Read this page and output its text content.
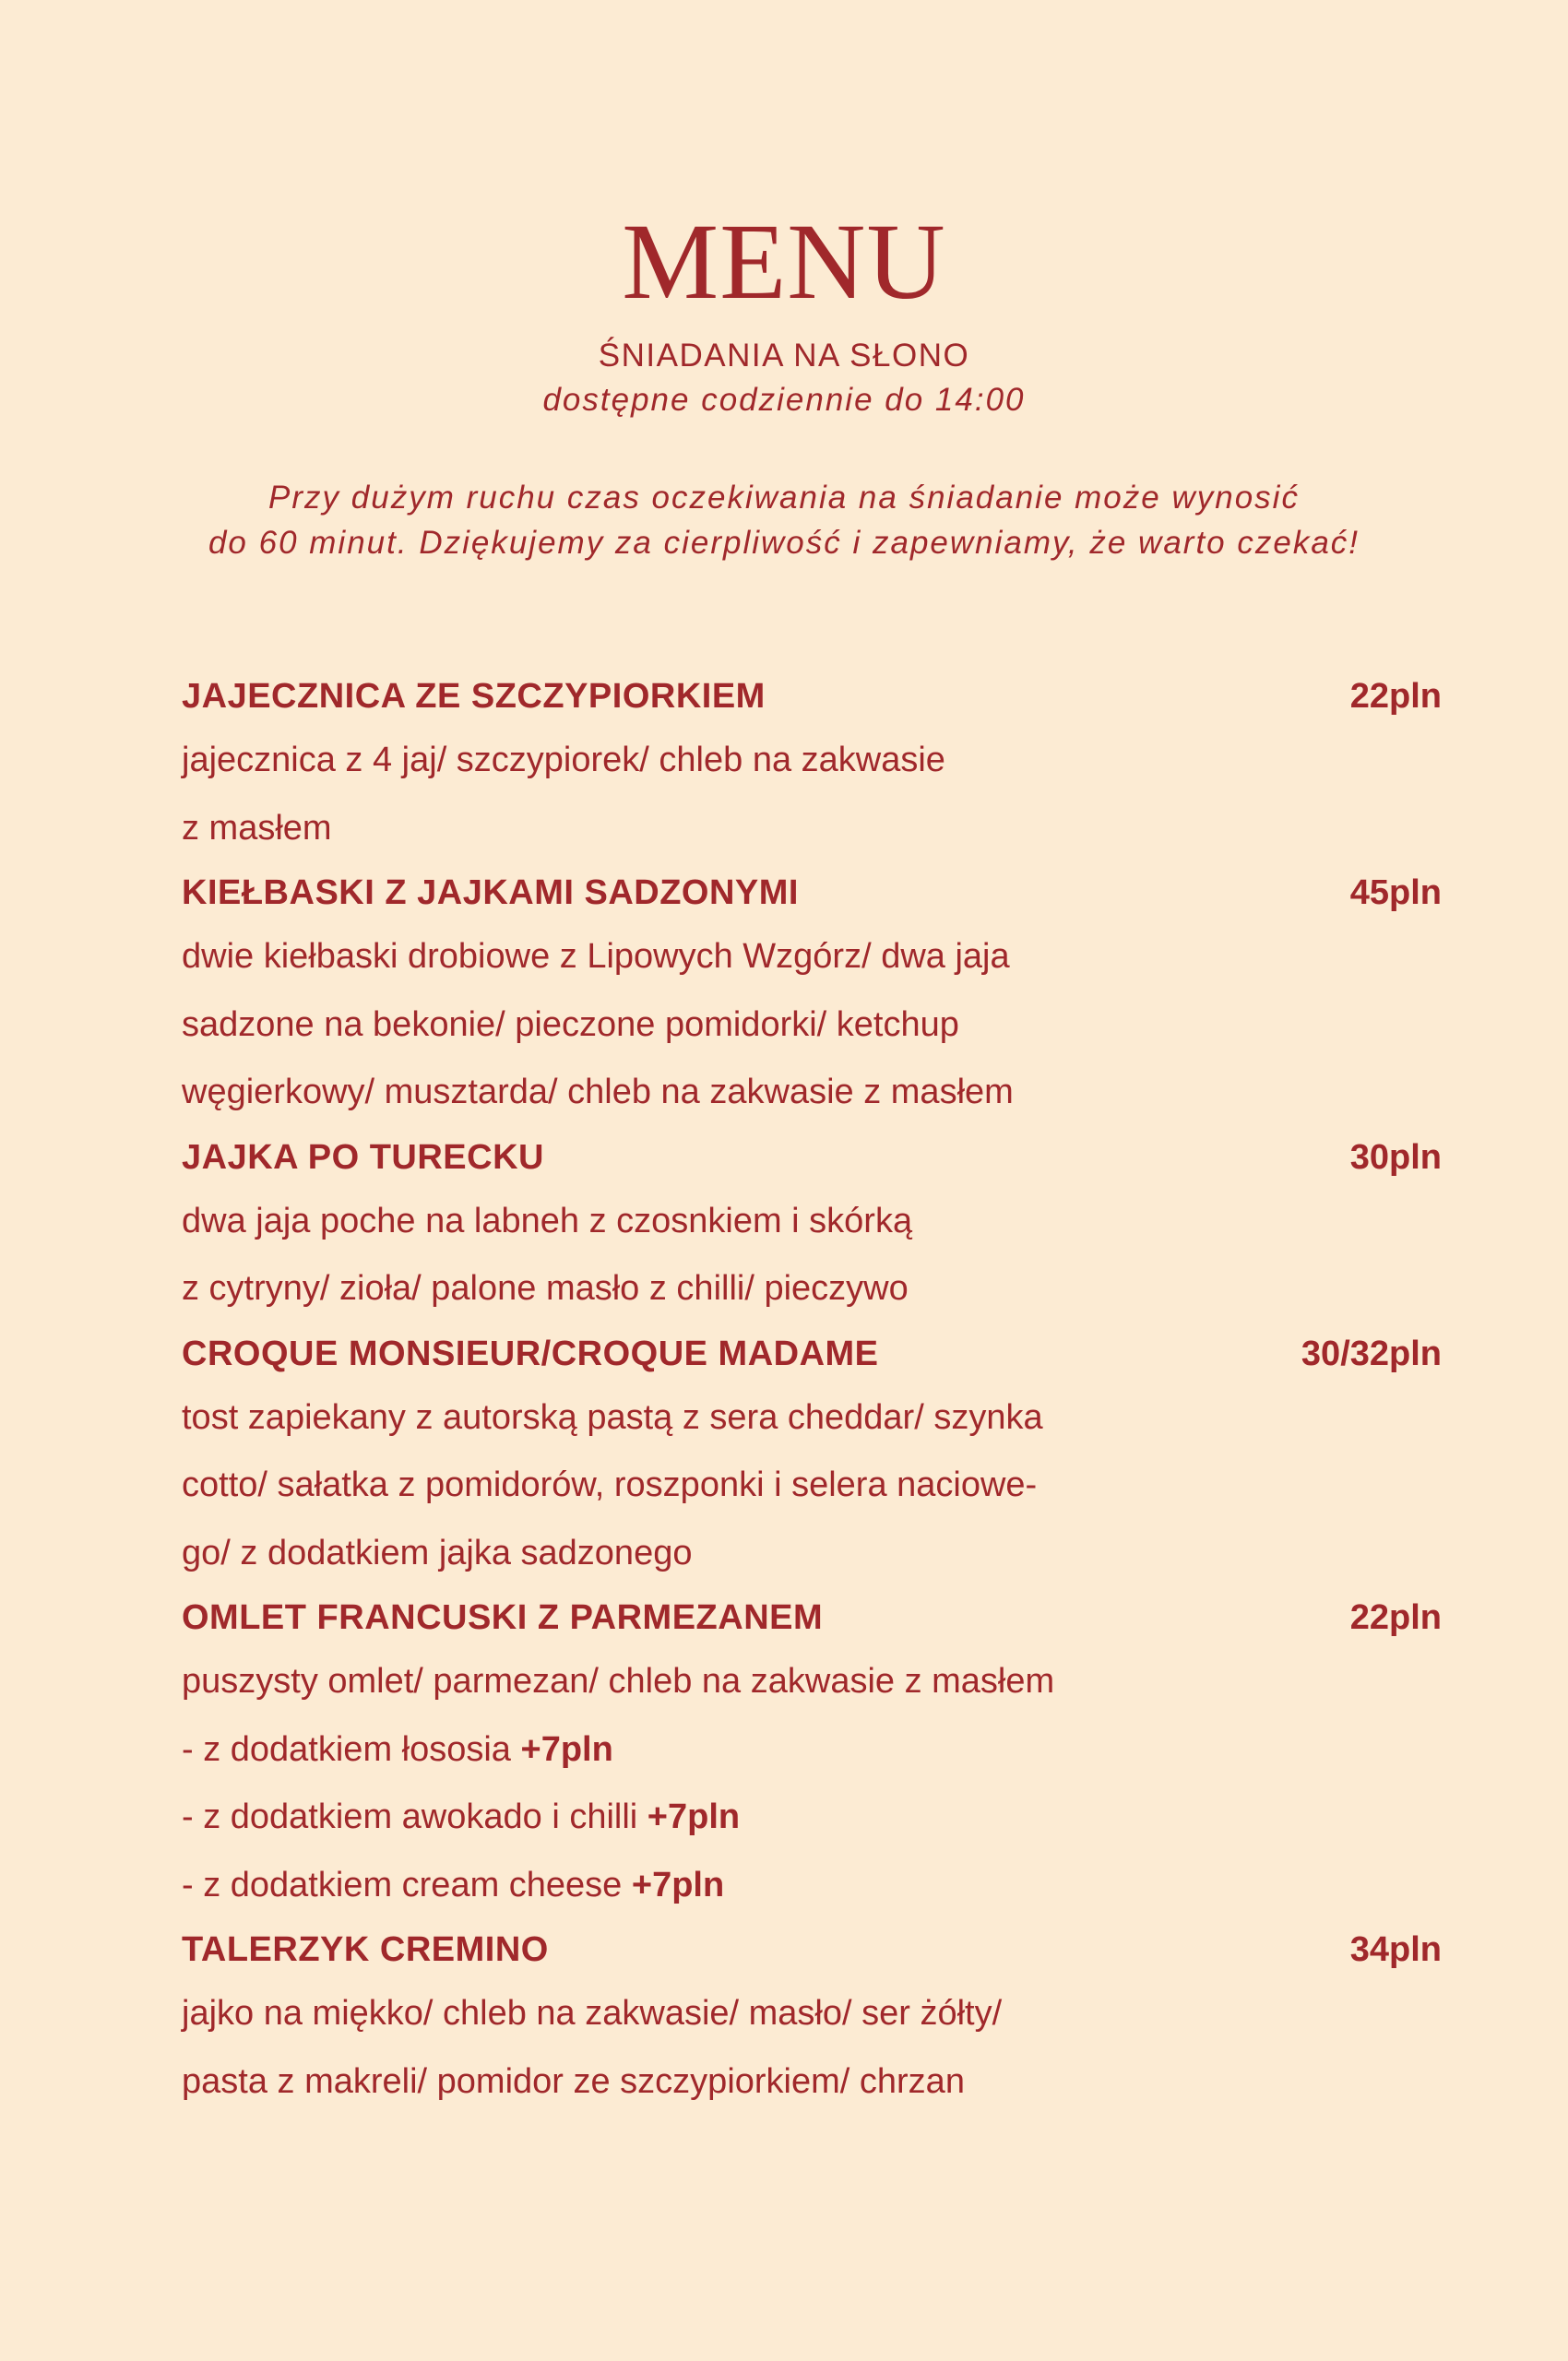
MENU
ŚNIADANIA NA SŁONO
dostępne codziennie do 14:00
Przy dużym ruchu czas oczekiwania na śniadanie może wynosić
do 60 minut. Dziękujemy za cierpliwość i zapewniamy, że warto czekać!
JAJECZNICA ZE SZCZYPIORKIEM	22pln
jajecznica z 4 jaj/ szczypiorek/ chleb na zakwasie
z masłem
KIEŁBASKI Z JAJKAMI SADZONYMI	45pln
dwie kiełbaski drobiowe z Lipowych Wzgórz/ dwa jaja
sadzone na bekonie/ pieczone pomidorki/ ketchup
węgierkowy/ musztarda/ chleb na zakwasie z masłem
JAJKA PO TURECKU	30pln
dwa jaja poche na labneh z czosnkiem i skórką
z cytryny/ zioła/ palone masło z chilli/ pieczywo
CROQUE MONSIEUR/CROQUE MADAME	30/32pln
tost zapiekany z autorską pastą z sera cheddar/ szynka
cotto/ sałatka z pomidorów, roszponki i selera naciowe-
go/ z dodatkiem jajka sadzonego
OMLET FRANCUSKI Z PARMEZANEM	22pln
puszysty omlet/ parmezan/ chleb na zakwasie z masłem
- z dodatkiem łososia +7pln
- z dodatkiem awokado i chilli +7pln
- z dodatkiem cream cheese +7pln
TALERZYK CREMINO	34pln
jajko na miękko/ chleb na zakwasie/ masło/ ser żółty/
pasta z makreli/ pomidor ze szczypiorkiem/ chrzan
